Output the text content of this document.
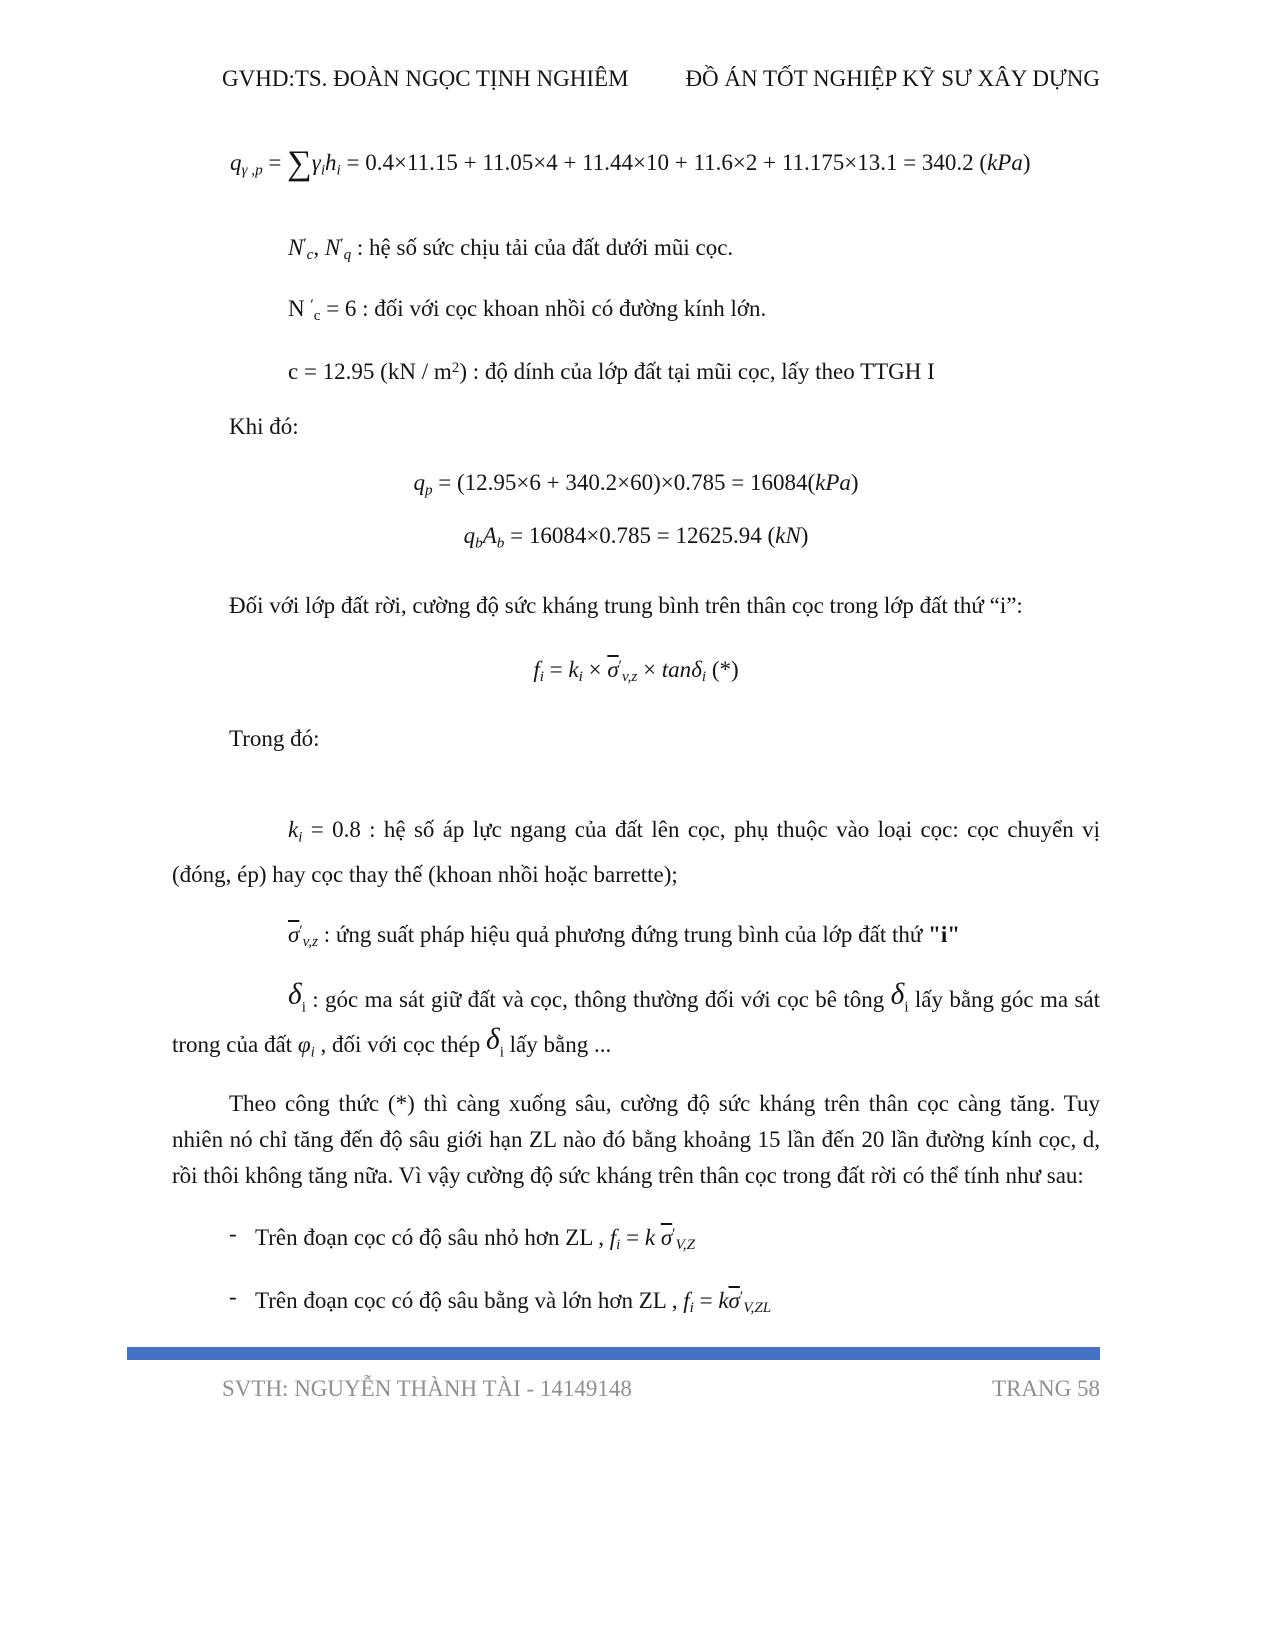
GVHD:TS. ĐOÀN NGỌC TỊNH NGHIÊM ĐỒ ÁN TỐT NGHIỆP KỸ SƯ XÂY DỰNG
qγ ,p = ∑γihi = 0.4×11.15 + 11.05×4 + 11.44×10 + 11.6×2 + 11.175×13.1 = 340.2 (kPa)
N′c, N′q : hệ số sức chịu tải của đất dưới mũi cọc.
N ′c = 6 : đối với cọc khoan nhồi có đường kính lớn.
c = 12.95 $(kN / m^2)$ : độ dính của lớp đất tại mũi cọc, lấy theo TTGH I
Khi đó:
qp = (12.95×6 + 340.2×60)×0.785 = 16084(kPa)
qbAb = 16084×0.785 = 12625.94 (kN)
Đối với lớp đất rời, cường độ sức kháng trung bình trên thân cọc trong lớp đất thứ “i”:
fi = ki × $\overline{\sigma}'v,z \times \tan\delta i$ (*)
Trong đó:
ki = 0.8 : hệ số áp lực ngang của đất lên cọc, phụ thuộc vào loại cọc: cọc chuyển vị (đóng, ép) hay cọc thay thế (khoan nhồi hoặc barrette);
$\overline{\sigma}'v,z$ : ứng suất pháp hiệu quả phương đứng trung bình của lớp đất thứ "i"
δi : góc ma sát giữ đất và cọc, thông thường đối với cọc bê tông δi lấy bằng góc ma sát trong của đất φi , đối với cọc thép δi lấy bằng ...
Theo công thức (*) thì càng xuống sâu, cường độ sức kháng trên thân cọc càng tăng. Tuy nhiên nó chỉ tăng đến độ sâu giới hạn ZL nào đó bằng khoảng 15 lần đến 20 lần đường kính cọc, d, rồi thôi không tăng nữa. Vì vậy cường độ sức kháng trên thân cọc trong đất rời có thể tính như sau:
- Trên đoạn cọc có độ sâu nhỏ hơn ZL , fi = k $\overline{\sigma}'V,Z$
- Trên đoạn cọc có độ sâu bằng và lớn hơn ZL , fi = $k\overline{\sigma}'V,ZL$
SVTH: NGUYỄN THÀNH TÀI - 14149148	TRANG 58
